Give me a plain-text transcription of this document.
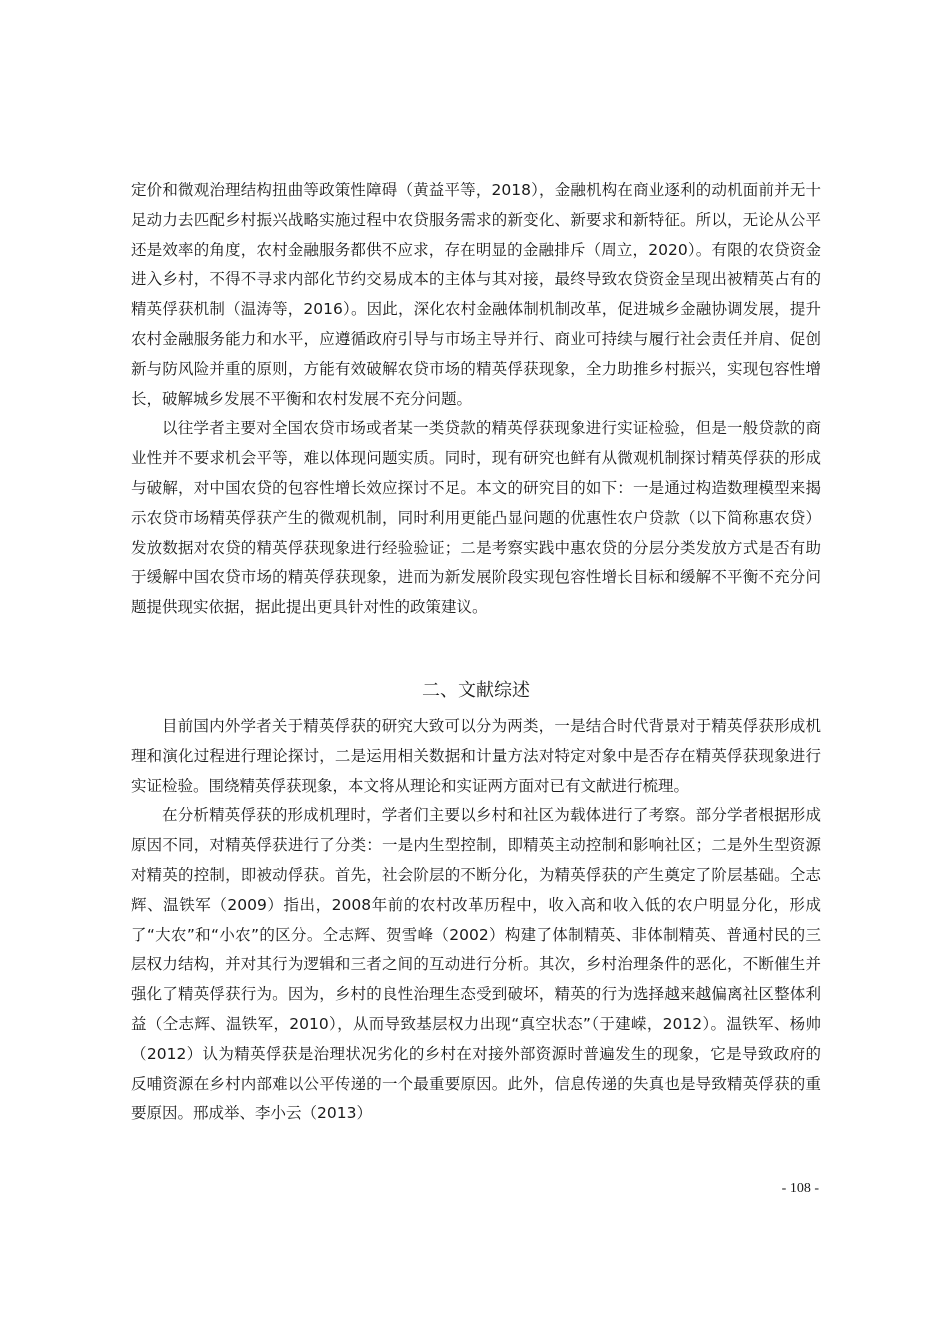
定价和微观治理结构扭曲等政策性障碍（黄益平等，2018），金融机构在商业逐利的动机面前并无十足动力去匹配乡村振兴战略实施过程中农贷服务需求的新变化、新要求和新特征。所以，无论从公平还是效率的角度，农村金融服务都供不应求，存在明显的金融排斥（周立，2020）。有限的农贷资金进入乡村，不得不寻求内部化节约交易成本的主体与其对接，最终导致农贷资金呈现出被精英占有的精英俘获机制（温涛等，2016）。因此，深化农村金融体制机制改革，促进城乡金融协调发展，提升农村金融服务能力和水平，应遵循政府引导与市场主导并行、商业可持续与履行社会责任并肩、促创新与防风险并重的原则，方能有效破解农贷市场的精英俘获现象，全力助推乡村振兴，实现包容性增长，破解城乡发展不平衡和农村发展不充分问题。

以往学者主要对全国农贷市场或者某一类贷款的精英俘获现象进行实证检验，但是一般贷款的商业性并不要求机会平等，难以体现问题实质。同时，现有研究也鲜有从微观机制探讨精英俘获的形成与破解，对中国农贷的包容性增长效应探讨不足。本文的研究目的如下：一是通过构造数理模型来揭示农贷市场精英俘获产生的微观机制，同时利用更能凸显问题的优惠性农户贷款（以下简称惠农贷）发放数据对农贷的精英俘获现象进行经验验证；二是考察实践中惠农贷的分层分类发放方式是否有助于缓解中国农贷市场的精英俘获现象，进而为新发展阶段实现包容性增长目标和缓解不平衡不充分问题提供现实依据，据此提出更具针对性的政策建议。

二、文献综述

目前国内外学者关于精英俘获的研究大致可以分为两类，一是结合时代背景对于精英俘获形成机理和演化过程进行理论探讨，二是运用相关数据和计量方法对特定对象中是否存在精英俘获现象进行实证检验。围绕精英俘获现象，本文将从理论和实证两方面对已有文献进行梳理。

在分析精英俘获的形成机理时，学者们主要以乡村和社区为载体进行了考察。部分学者根据形成原因不同，对精英俘获进行了分类：一是内生型控制，即精英主动控制和影响社区；二是外生型资源对精英的控制，即被动俘获。首先，社会阶层的不断分化，为精英俘获的产生奠定了阶层基础。仝志辉、温铁军（2009）指出，2008年前的农村改革历程中，收入高和收入低的农户明显分化，形成了“大农”和“小农”的区分。仝志辉、贺雪峰（2002）构建了体制精英、非体制精英、普通村民的三层权力结构，并对其行为逻辑和三者之间的互动进行分析。其次，乡村治理条件的恶化，不断催生并强化了精英俘获行为。因为，乡村的良性治理生态受到破坏，精英的行为选择越来越偏离社区整体利益（仝志辉、温铁军，2010），从而导致基层权力出现“真空状态”（于建嵘，2012）。温铁军、杨帅（2012）认为精英俘获是治理状况劣化的乡村在对接外部资源时普遍发生的现象，它是导致政府的反哺资源在乡村内部难以公平传递的一个最重要原因。此外，信息传递的失真也是导致精英俘获的重要原因。邢成举、李小云（2013）

- 108 -
